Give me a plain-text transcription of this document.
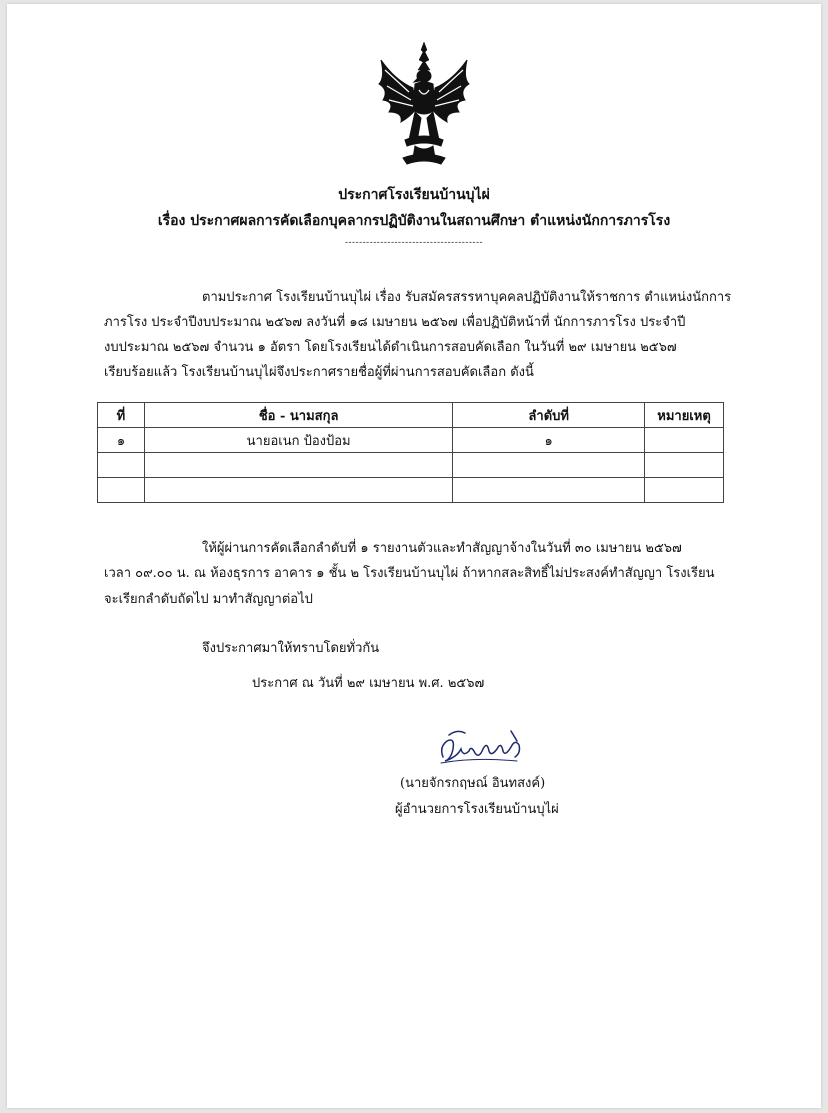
ประกาศโรงเรียนบ้านบุไผ่
เรื่อง ประกาศผลการคัดเลือกบุคลากรปฏิบัติงานในสถานศึกษา ตำแหน่งนักการภารโรง
---------------------------------------
ตามประกาศ โรงเรียนบ้านบุไผ่ เรื่อง รับสมัครสรรหาบุคคลปฏิบัติงานให้ราชการ ตำแหน่งนักการ
ภารโรง ประจำปีงบประมาณ ๒๕๖๗ ลงวันที่ ๑๘ เมษายน ๒๕๖๗ เพื่อปฏิบัติหน้าที่ นักการภารโรง ประจำปี
งบประมาณ ๒๕๖๗ จำนวน ๑ อัตรา โดยโรงเรียนได้ดำเนินการสอบคัดเลือก ในวันที่ ๒๙ เมษายน ๒๕๖๗
เรียบร้อยแล้ว โรงเรียนบ้านบุไผ่จึงประกาศรายชื่อผู้ที่ผ่านการสอบคัดเลือก ดังนี้
ที่	ชื่อ - นามสกุล	ลำดับที่	หมายเหตุ
๑	นายอเนก ป้องป้อม	๑	

ให้ผู้ผ่านการคัดเลือกลำดับที่ ๑ รายงานตัวและทำสัญญาจ้างในวันที่ ๓๐ เมษายน ๒๕๖๗
เวลา ๐๙.๐๐ น. ณ ห้องธุรการ อาคาร ๑ ชั้น ๒ โรงเรียนบ้านบุไผ่ ถ้าหากสละสิทธิ์ไม่ประสงค์ทำสัญญา โรงเรียน
จะเรียกลำดับถัดไป มาทำสัญญาต่อไป
จึงประกาศมาให้ทราบโดยทั่วกัน
ประกาศ ณ วันที่ ๒๙ เมษายน พ.ศ. ๒๕๖๗
(นายจักรกฤษณ์ อินทสงค์)
ผู้อำนวยการโรงเรียนบ้านบุไผ่
